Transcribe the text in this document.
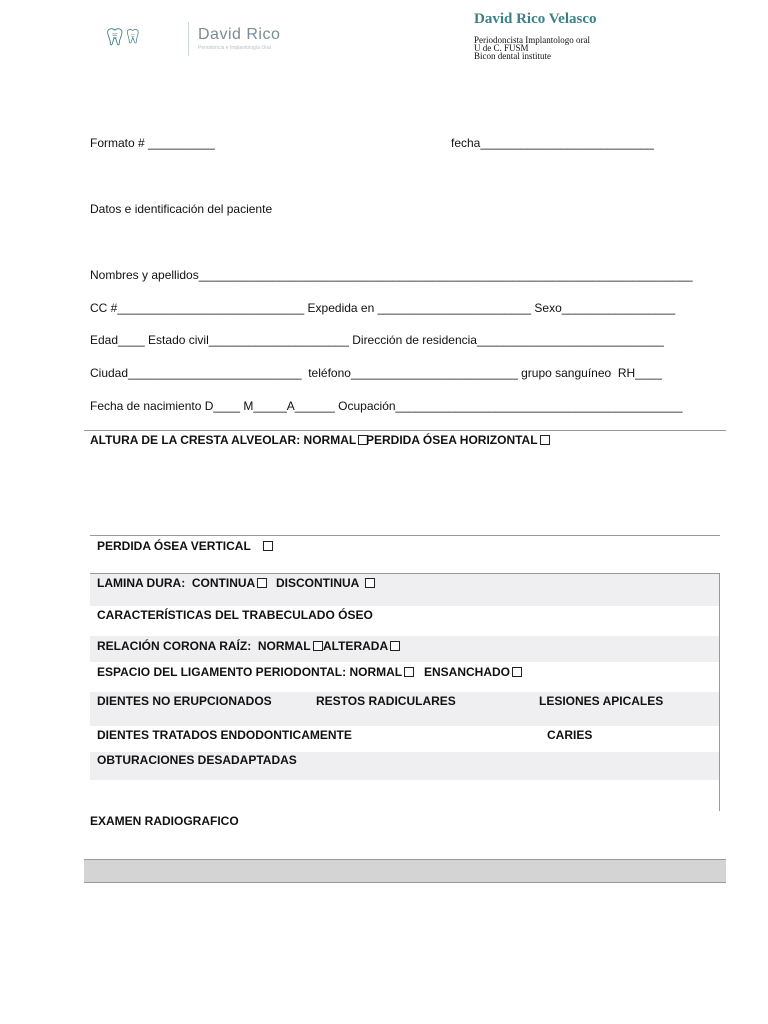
David Rico
Periodoncia e Implantología Oral
David Rico Velasco
Periodoncista Implantologo oral
U de C. FUSM
Bicon dental institute
Formato # __________	fecha__________________________
Datos e identificación del paciente
Nombres y apellidos__________________________________________________________________________
CC #____________________________ Expedida en _______________________ Sexo_________________
Edad____ Estado civil_____________________ Dirección de residencia____________________________
Ciudad__________________________  teléfono_________________________ grupo sanguíneo  RH____
Fecha de nacimiento D____ M_____A______ Ocupación___________________________________________
ALTURA DE LA CRESTA ALVEOLAR: NORMAL PERDIDA ÓSEA HORIZONTAL
PERDIDA ÓSEA VERTICAL
LAMINA DURA:  CONTINUA	DISCONTINUA
CARACTERÍSTICAS DEL TRABECULADO ÓSEO
RELACIÓN CORONA RAÍZ:  NORMAL	ALTERADA
ESPACIO DEL LIGAMENTO PERIODONTAL: NORMAL	ENSANCHADO
DIENTES NO ERUPCIONADOS	RESTOS RADICULARES	LESIONES APICALES
DIENTES TRATADOS ENDODONTICAMENTE	CARIES
OBTURACIONES DESADAPTADAS
EXAMEN RADIOGRAFICO
